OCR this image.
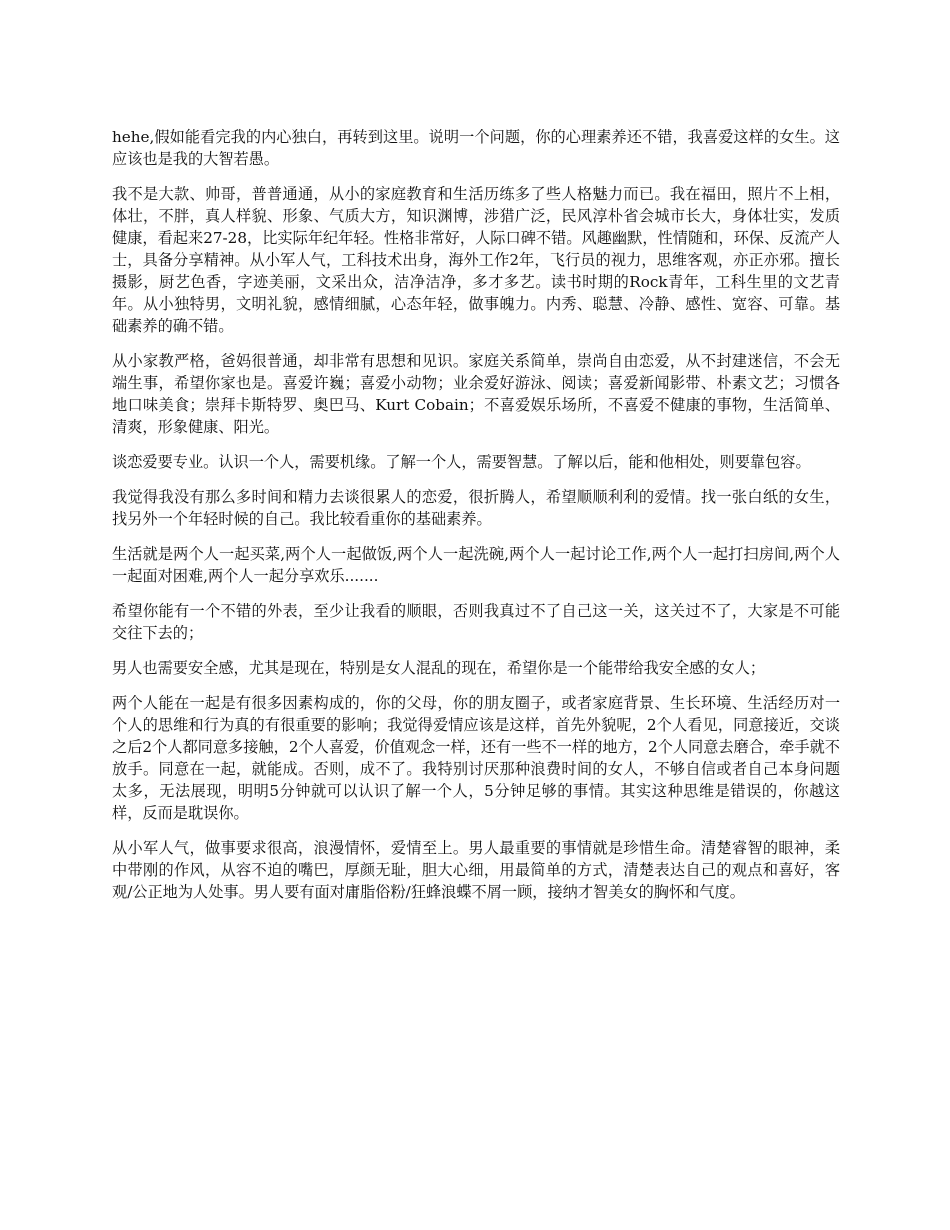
hehe,假如能看完我的内心独白，再转到这里。说明一个问题，你的心理素养还不错，我喜爱这样的女生。这应该也是我的大智若愚。

我不是大款、帅哥，普普通通，从小的家庭教育和生活历练多了些人格魅力而已。我在福田，照片不上相，体壮，不胖，真人样貌、形象、气质大方，知识渊博，涉猎广泛，民风淳朴省会城市长大，身体壮实，发质健康，看起来27-28，比实际年纪年轻。性格非常好，人际口碑不错。风趣幽默，性情随和，环保、反流产人士，具备分享精神。从小军人气，工科技术出身，海外工作2年，飞行员的视力，思维客观，亦正亦邪。擅长摄影，厨艺色香，字迹美丽，文采出众，洁净洁净，多才多艺。读书时期的Rock青年，工科生里的文艺青年。从小独特男，文明礼貌，感情细腻，心态年轻，做事魄力。内秀、聪慧、冷静、感性、宽容、可靠。基础素养的确不错。

从小家教严格，爸妈很普通，却非常有思想和见识。家庭关系简单，崇尚自由恋爱，从不封建迷信，不会无端生事，希望你家也是。喜爱许巍；喜爱小动物；业余爱好游泳、阅读；喜爱新闻影带、朴素文艺；习惯各地口味美食；崇拜卡斯特罗、奥巴马、Kurt Cobain；不喜爱娱乐场所，不喜爱不健康的事物，生活简单、清爽，形象健康、阳光。

谈恋爱要专业。认识一个人，需要机缘。了解一个人，需要智慧。了解以后，能和他相处，则要靠包容。

我觉得我没有那么多时间和精力去谈很累人的恋爱，很折腾人，希望顺顺利利的爱情。找一张白纸的女生，找另外一个年轻时候的自己。我比较看重你的基础素养。

生活就是两个人一起买菜,两个人一起做饭,两个人一起洗碗,两个人一起讨论工作,两个人一起打扫房间,两个人一起面对困难,两个人一起分享欢乐.......

希望你能有一个不错的外表，至少让我看的顺眼，否则我真过不了自己这一关，这关过不了，大家是不可能交往下去的；

男人也需要安全感，尤其是现在，特别是女人混乱的现在，希望你是一个能带给我安全感的女人；

两个人能在一起是有很多因素构成的，你的父母，你的朋友圈子，或者家庭背景、生长环境、生活经历对一个人的思维和行为真的有很重要的影响；我觉得爱情应该是这样，首先外貌呢，2个人看见，同意接近，交谈之后2个人都同意多接触，2个人喜爱，价值观念一样，还有一些不一样的地方，2个人同意去磨合，牵手就不放手。同意在一起，就能成。否则，成不了。我特别讨厌那种浪费时间的女人，不够自信或者自己本身问题太多，无法展现，明明5分钟就可以认识了解一个人，5分钟足够的事情。其实这种思维是错误的，你越这样，反而是耽误你。

从小军人气，做事要求很高，浪漫情怀，爱情至上。男人最重要的事情就是珍惜生命。清楚睿智的眼神，柔中带刚的作风，从容不迫的嘴巴，厚颜无耻，胆大心细，用最简单的方式，清楚表达自己的观点和喜好，客观/公正地为人处事。男人要有面对庸脂俗粉/狂蜂浪蝶不屑一顾，接纳才智美女的胸怀和气度。
